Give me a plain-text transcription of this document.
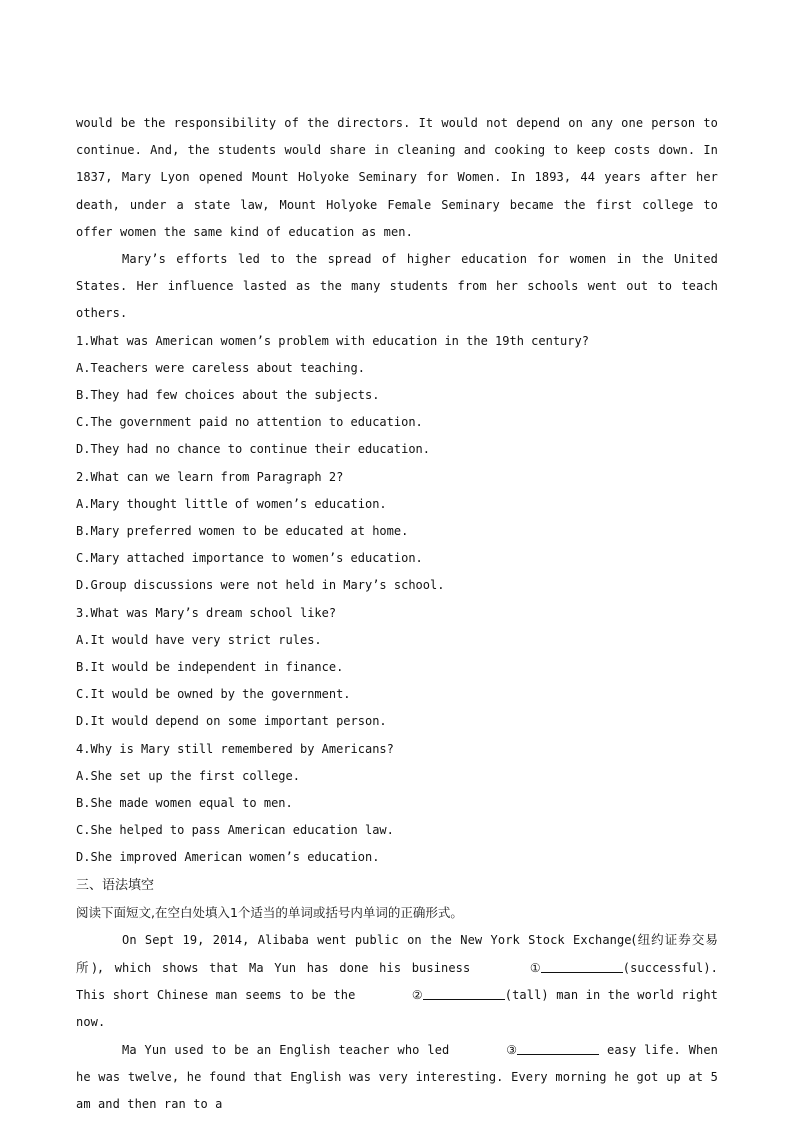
would be the responsibility of the directors. It would not depend on any one person to continue. And, the students would share in cleaning and cooking to keep costs down. In 1837, Mary Lyon opened Mount Holyoke Seminary for Women. In 1893, 44 years after her death, under a state law, Mount Holyoke Female Seminary became the first college to offer women the same kind of education as men.

Mary’s efforts led to the spread of higher education for women in the United States. Her influence lasted as the many students from her schools went out to teach others.

1.What was American women’s problem with education in the 19th century?

A.Teachers were careless about teaching.

B.They had few choices about the subjects.

C.The government paid no attention to education.

D.They had no chance to continue their education.

2.What can we learn from Paragraph 2?

A.Mary thought little of women’s education.

B.Mary preferred women to be educated at home.

C.Mary attached importance to women’s education.

D.Group discussions were not held in Mary’s school.

3.What was Mary’s dream school like?

A.It would have very strict rules.

B.It would be independent in finance.

C.It would be owned by the government.

D.It would depend on some important person.

4.Why is Mary still remembered by Americans?

A.She set up the first college.

B.She made women equal to men.

C.She helped to pass American education law.

D.She improved American women’s education.

三、语法填空

阅读下面短文,在空白处填入1个适当的单词或括号内单词的正确形式。

On Sept 19, 2014, Alibaba went public on the New York Stock Exchange(纽约证券交易所), which shows that Ma Yun has done his business	①	(successful). This short Chinese man seems to be the	②	(tall) man in the world right now.

Ma Yun used to be an English teacher who led	③	easy life. When he was twelve, he found that English was very interesting. Every morning he got up at 5 am and then ran to a
